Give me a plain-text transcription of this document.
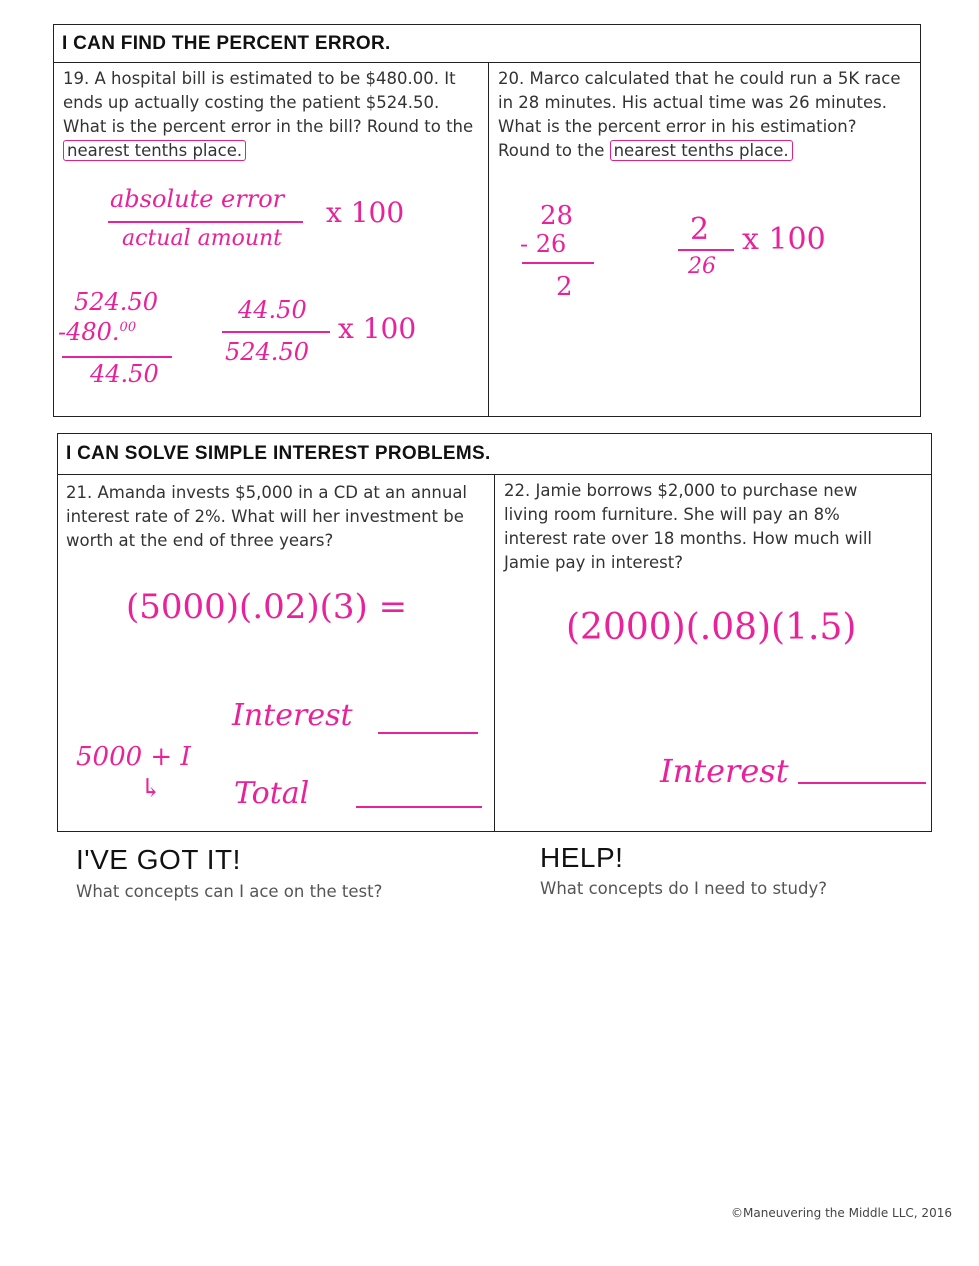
I CAN FIND THE PERCENT ERROR.
19. A hospital bill is estimated to be $480.00. It ends up actually costing the patient $524.50. What is the percent error in the bill? Round to the nearest tenths place.
20. Marco calculated that he could run a 5K race in 28 minutes. His actual time was 26 minutes. What is the percent error in his estimation? Round to the nearest tenths place.
absolute error
actual amount
x 100
524.50
-480.00
44.50
44.50
524.50
x 100
28
- 26
2
2
26
x 100
I CAN SOLVE SIMPLE INTEREST PROBLEMS.
21. Amanda invests $5,000 in a CD at an annual interest rate of 2%. What will her investment be worth at the end of three years?
22. Jamie borrows $2,000 to purchase new living room furniture. She will pay an 8% interest rate over 18 months. How much will Jamie pay in interest?
(5000)(.02)(3) =
Interest
5000 + I
↳ Total
(2000)(.08)(1.5)
Interest
I'VE GOT IT!
What concepts can I ace on the test?
HELP!
What concepts do I need to study?
©Maneuvering the Middle LLC, 2016
